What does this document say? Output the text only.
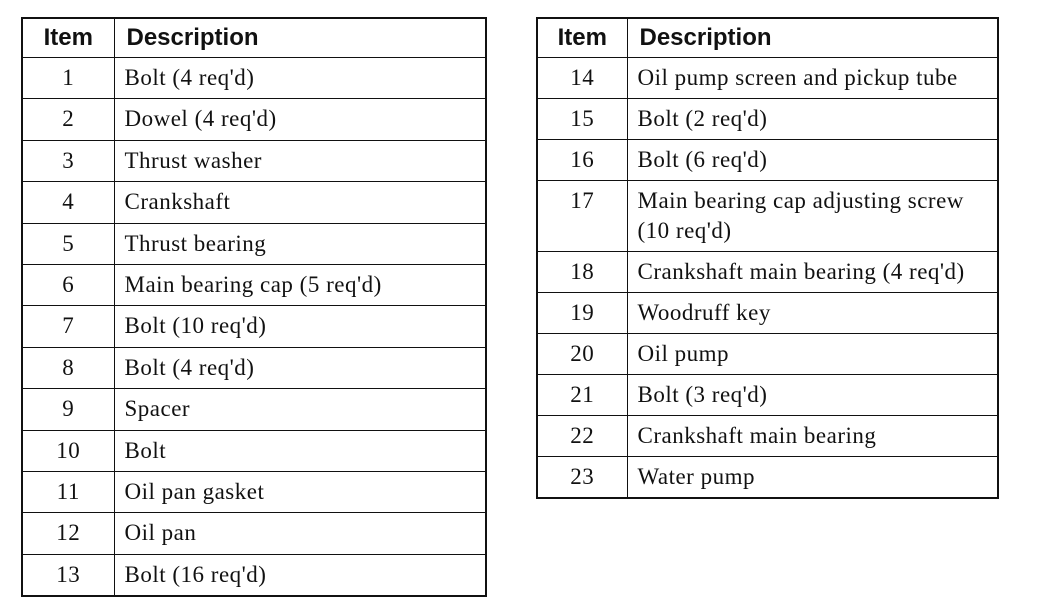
Item	Description
1	Bolt (4 req'd)
2	Dowel (4 req'd)
3	Thrust washer
4	Crankshaft
5	Thrust bearing
6	Main bearing cap (5 req'd)
7	Bolt (10 req'd)
8	Bolt (4 req'd)
9	Spacer
10	Bolt
11	Oil pan gasket
12	Oil pan
13	Bolt (16 req'd)
Item	Description
14	Oil pump screen and pickup tube
15	Bolt (2 req'd)
16	Bolt (6 req'd)
17	Main bearing cap adjusting screw (10 req'd)
18	Crankshaft main bearing (4 req'd)
19	Woodruff key
20	Oil pump
21	Bolt (3 req'd)
22	Crankshaft main bearing
23	Water pump
